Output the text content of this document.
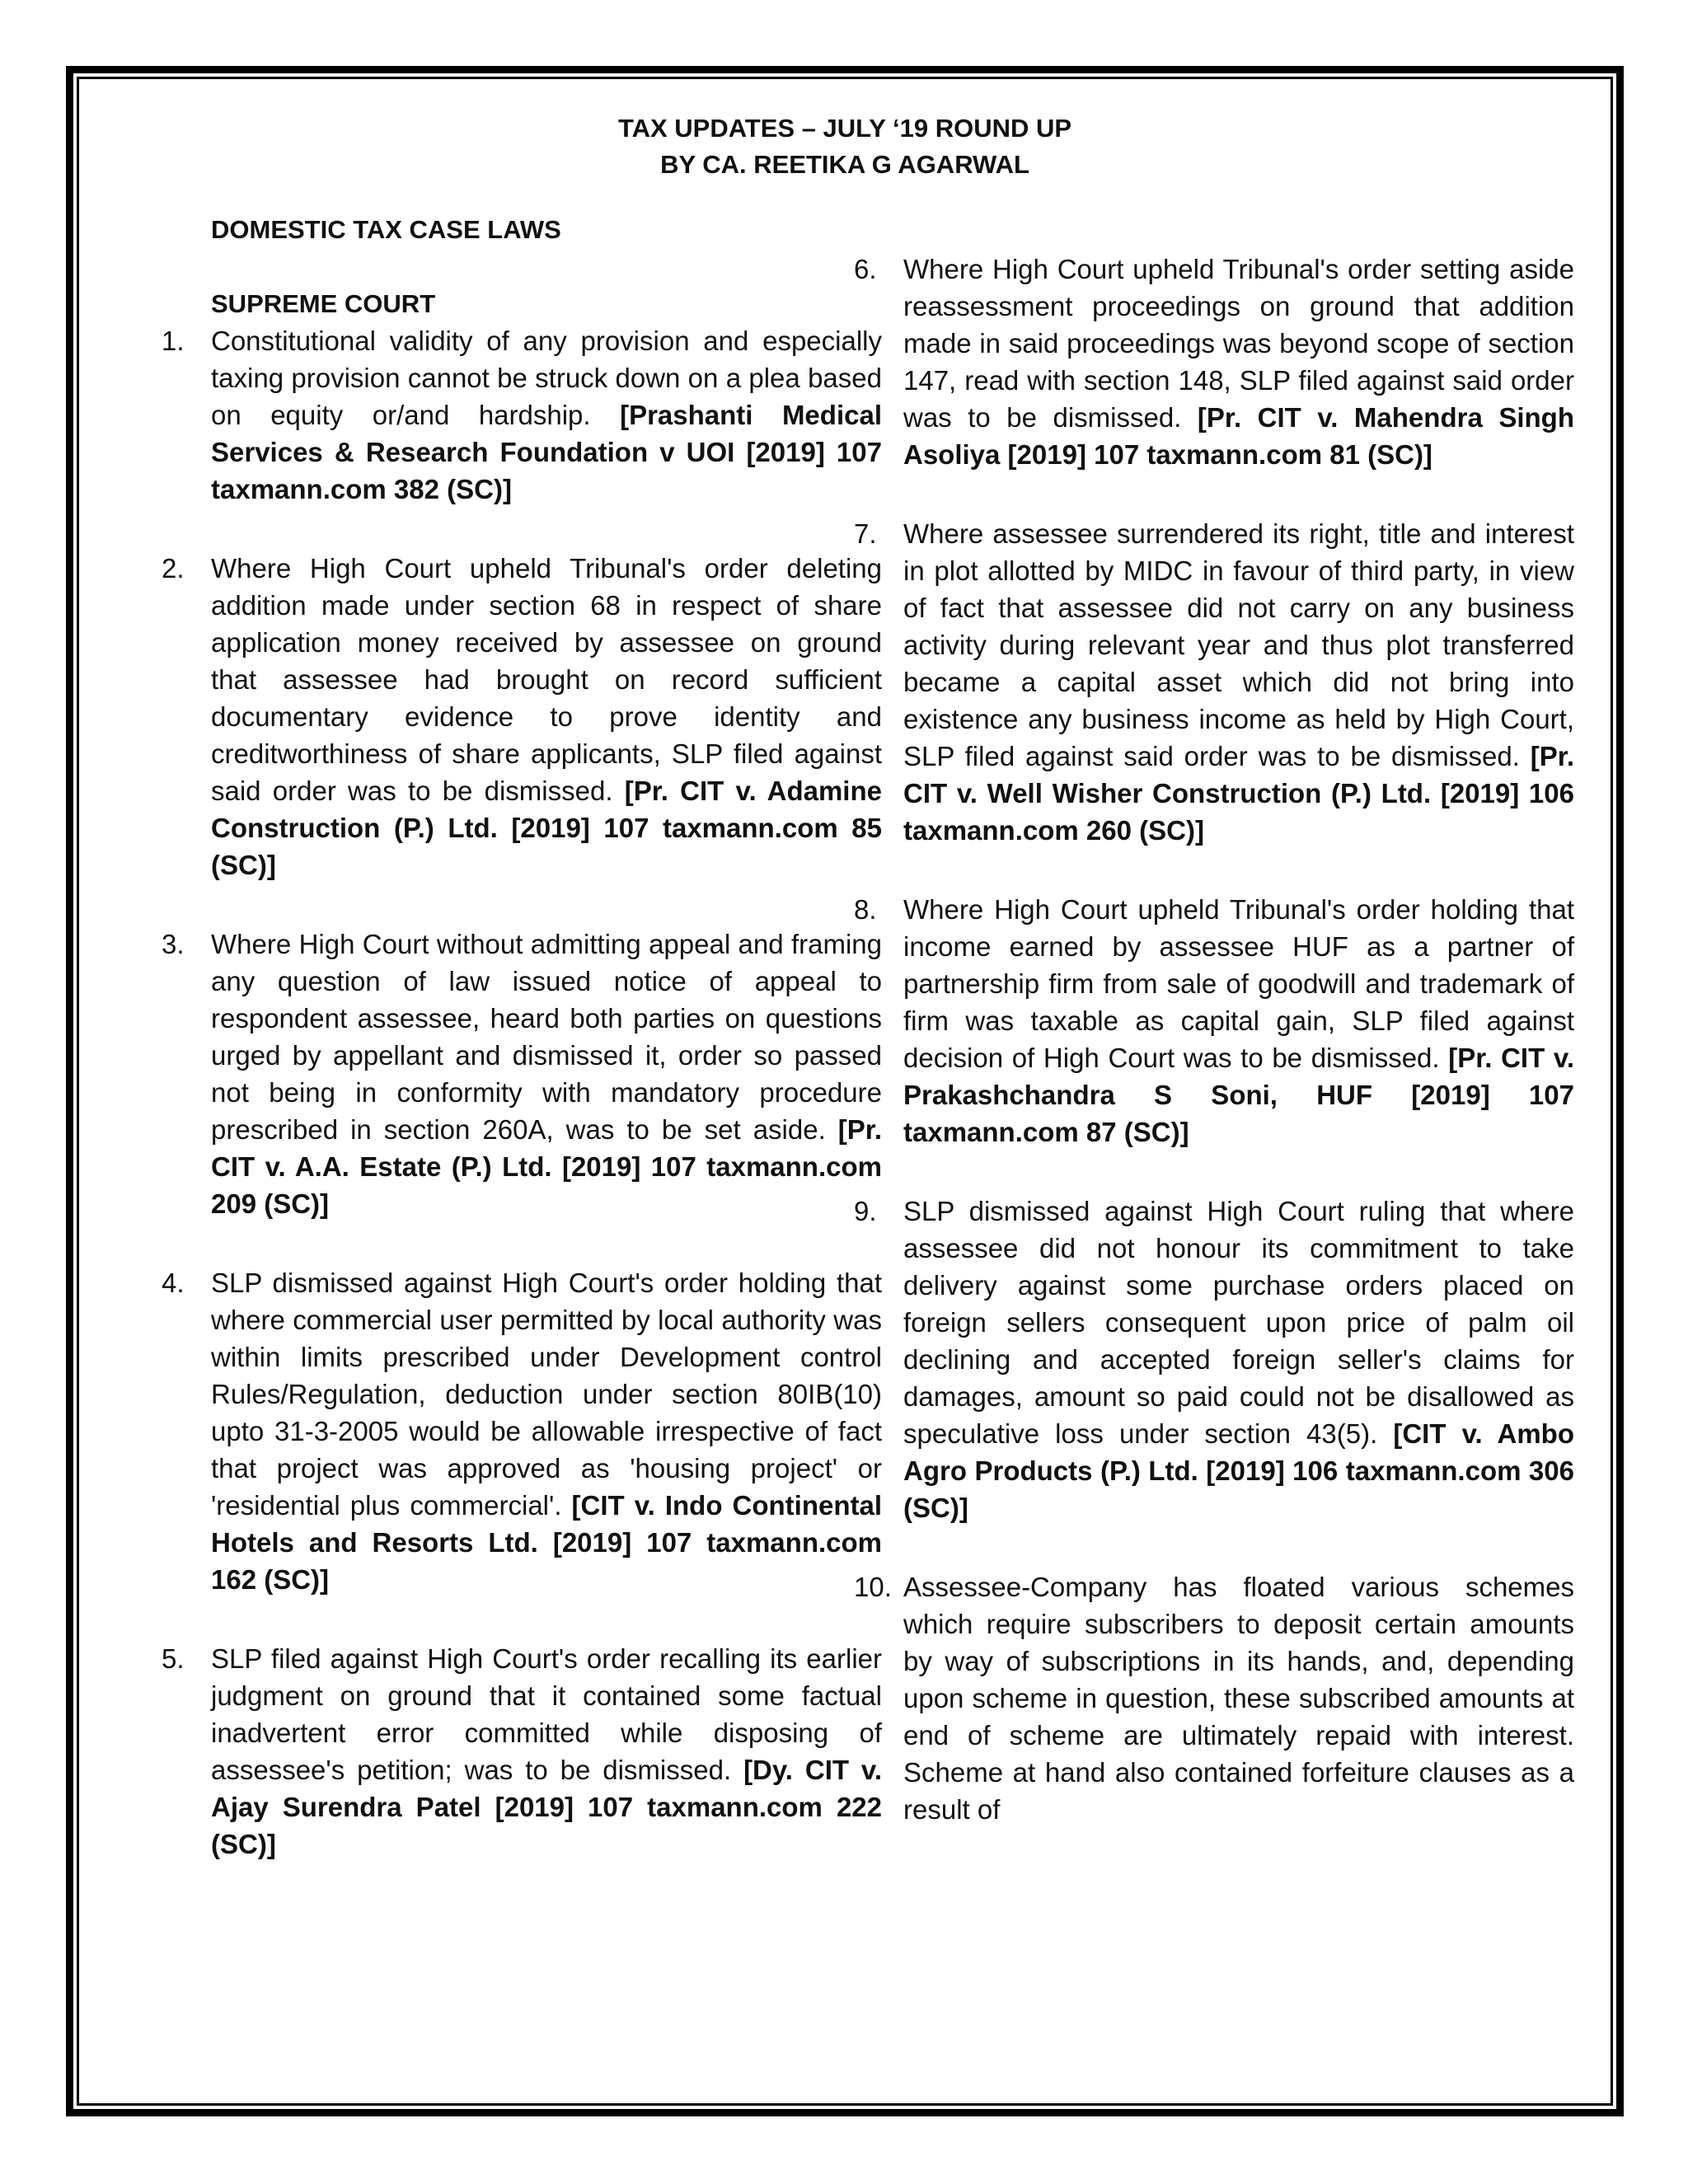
TAX UPDATES – JULY ‘19 ROUND UP
BY CA. REETIKA G AGARWAL
DOMESTIC TAX CASE LAWS
SUPREME COURT
1. Constitutional validity of any provision and especially taxing provision cannot be struck down on a plea based on equity or/and hardship. [Prashanti Medical Services & Research Foundation v UOI [2019] 107 taxmann.com 382 (SC)]
2. Where High Court upheld Tribunal's order deleting addition made under section 68 in respect of share application money received by assessee on ground that assessee had brought on record sufficient documentary evidence to prove identity and creditworthiness of share applicants, SLP filed against said order was to be dismissed. [Pr. CIT v. Adamine Construction (P.) Ltd. [2019] 107 taxmann.com 85 (SC)]
3. Where High Court without admitting appeal and framing any question of law issued notice of appeal to respondent assessee, heard both parties on questions urged by appellant and dismissed it, order so passed not being in conformity with mandatory procedure prescribed in section 260A, was to be set aside. [Pr. CIT v. A.A. Estate (P.) Ltd. [2019] 107 taxmann.com 209 (SC)]
4. SLP dismissed against High Court's order holding that where commercial user permitted by local authority was within limits prescribed under Development control Rules/Regulation, deduction under section 80IB(10) upto 31-3-2005 would be allowable irrespective of fact that project was approved as 'housing project' or 'residential plus commercial'. [CIT v. Indo Continental Hotels and Resorts Ltd. [2019] 107 taxmann.com 162 (SC)]
5. SLP filed against High Court's order recalling its earlier judgment on ground that it contained some factual inadvertent error committed while disposing of assessee's petition; was to be dismissed. [Dy. CIT v. Ajay Surendra Patel [2019] 107 taxmann.com 222 (SC)]
6. Where High Court upheld Tribunal's order setting aside reassessment proceedings on ground that addition made in said proceedings was beyond scope of section 147, read with section 148, SLP filed against said order was to be dismissed. [Pr. CIT v. Mahendra Singh Asoliya [2019] 107 taxmann.com 81 (SC)]
7. Where assessee surrendered its right, title and interest in plot allotted by MIDC in favour of third party, in view of fact that assessee did not carry on any business activity during relevant year and thus plot transferred became a capital asset which did not bring into existence any business income as held by High Court, SLP filed against said order was to be dismissed. [Pr. CIT v. Well Wisher Construction (P.) Ltd. [2019] 106 taxmann.com 260 (SC)]
8. Where High Court upheld Tribunal's order holding that income earned by assessee HUF as a partner of partnership firm from sale of goodwill and trademark of firm was taxable as capital gain, SLP filed against decision of High Court was to be dismissed. [Pr. CIT v. Prakashchandra S Soni, HUF [2019] 107 taxmann.com 87 (SC)]
9. SLP dismissed against High Court ruling that where assessee did not honour its commitment to take delivery against some purchase orders placed on foreign sellers consequent upon price of palm oil declining and accepted foreign seller's claims for damages, amount so paid could not be disallowed as speculative loss under section 43(5). [CIT v. Ambo Agro Products (P.) Ltd. [2019] 106 taxmann.com 306 (SC)]
10. Assessee-Company has floated various schemes which require subscribers to deposit certain amounts by way of subscriptions in its hands, and, depending upon scheme in question, these subscribed amounts at end of scheme are ultimately repaid with interest. Scheme at hand also contained forfeiture clauses as a result of
